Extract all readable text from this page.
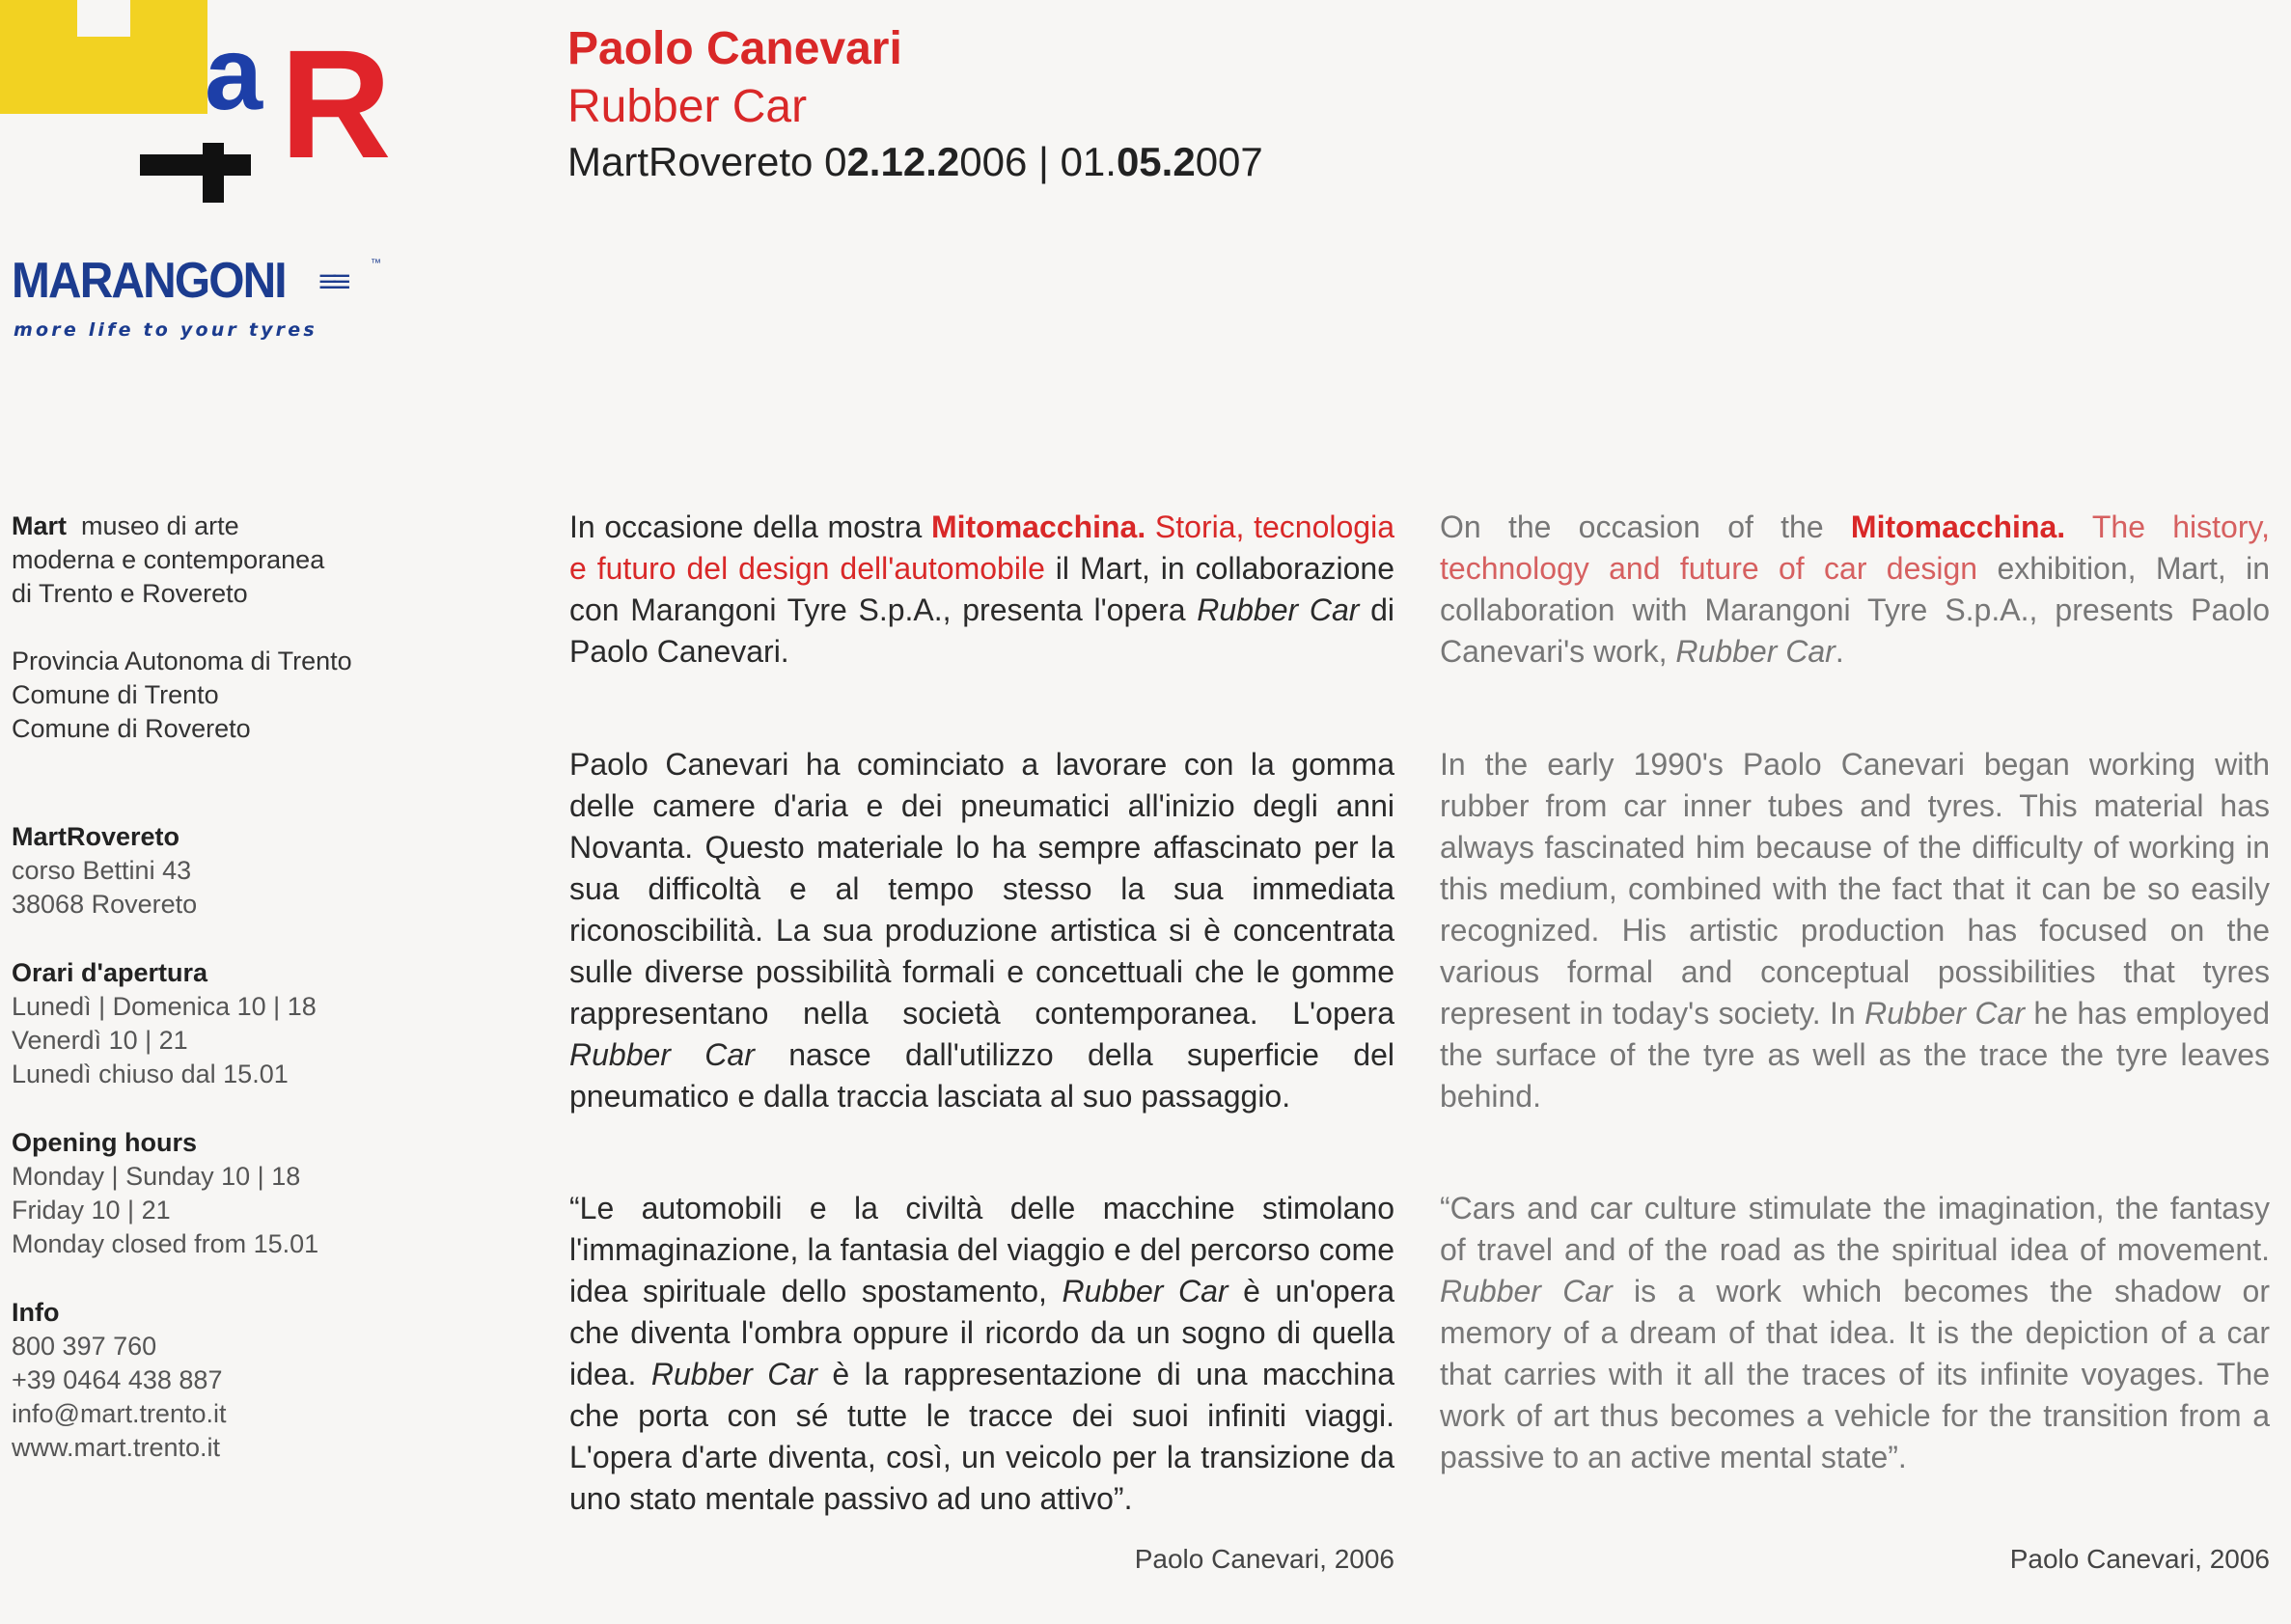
a R
MARANGONI ≡≡ ™
more life to your tyres
Paolo Canevari
Rubber Car
MartRovereto 02.12.2006 | 01.05.2007
Mart museo di arte
moderna e contemporanea
di Trento e Rovereto
Provincia Autonoma di Trento
Comune di Trento
Comune di Rovereto
MartRovereto
corso Bettini 43
38068 Rovereto
Orari d'apertura
Lunedì | Domenica 10 | 18
Venerdì 10 | 21
Lunedì chiuso dal 15.01
Opening hours
Monday | Sunday 10 | 18
Friday 10 | 21
Monday closed from 15.01
Info
800 397 760
+39 0464 438 887
info@mart.trento.it
www.mart.trento.it

In occasione della mostra Mitomacchina. Storia, tecnologia e futuro del design dell'automobile il Mart, in collaborazione con Marangoni Tyre S.p.A., presenta l'opera Rubber Car di Paolo Canevari.

Paolo Canevari ha cominciato a lavorare con la gomma delle camere d'aria e dei pneumatici all'inizio degli anni Novanta. Questo materiale lo ha sempre affascinato per la sua difficoltà e al tempo stesso la sua immediata riconoscibilità. La sua produzione artistica si è concentrata sulle diverse possibilità formali e concettuali che le gomme rappresentano nella società contemporanea. L'opera Rubber Car nasce dall'utilizzo della superficie del pneumatico e dalla traccia lasciata al suo passaggio.

“Le automobili e la civiltà delle macchine stimolano l'immaginazione, la fantasia del viaggio e del percorso come idea spirituale dello spostamento, Rubber Car è un'opera che diventa l'ombra oppure il ricordo da un sogno di quella idea. Rubber Car è la rappresentazione di una macchina che porta con sé tutte le tracce dei suoi infiniti viaggi. L'opera d'arte diventa, così, un veicolo per la transizione da uno stato mentale passivo ad uno attivo”.

Paolo Canevari, 2006

On the occasion of the Mitomacchina. The history, technology and future of car design exhibition, Mart, in collaboration with Marangoni Tyre S.p.A., presents Paolo Canevari's work, Rubber Car.

In the early 1990's Paolo Canevari began working with rubber from car inner tubes and tyres. This material has always fascinated him because of the difficulty of working in this medium, combined with the fact that it can be so easily recognized. His artistic production has focused on the various formal and conceptual possibilities that tyres represent in today's society. In Rubber Car he has employed the surface of the tyre as well as the trace the tyre leaves behind.

“Cars and car culture stimulate the imagination, the fantasy of travel and of the road as the spiritual idea of movement. Rubber Car is a work which becomes the shadow or memory of a dream of that idea. It is the depiction of a car that carries with it all the traces of its infinite voyages. The work of art thus becomes a vehicle for the transition from a passive to an active mental state”.

Paolo Canevari, 2006
